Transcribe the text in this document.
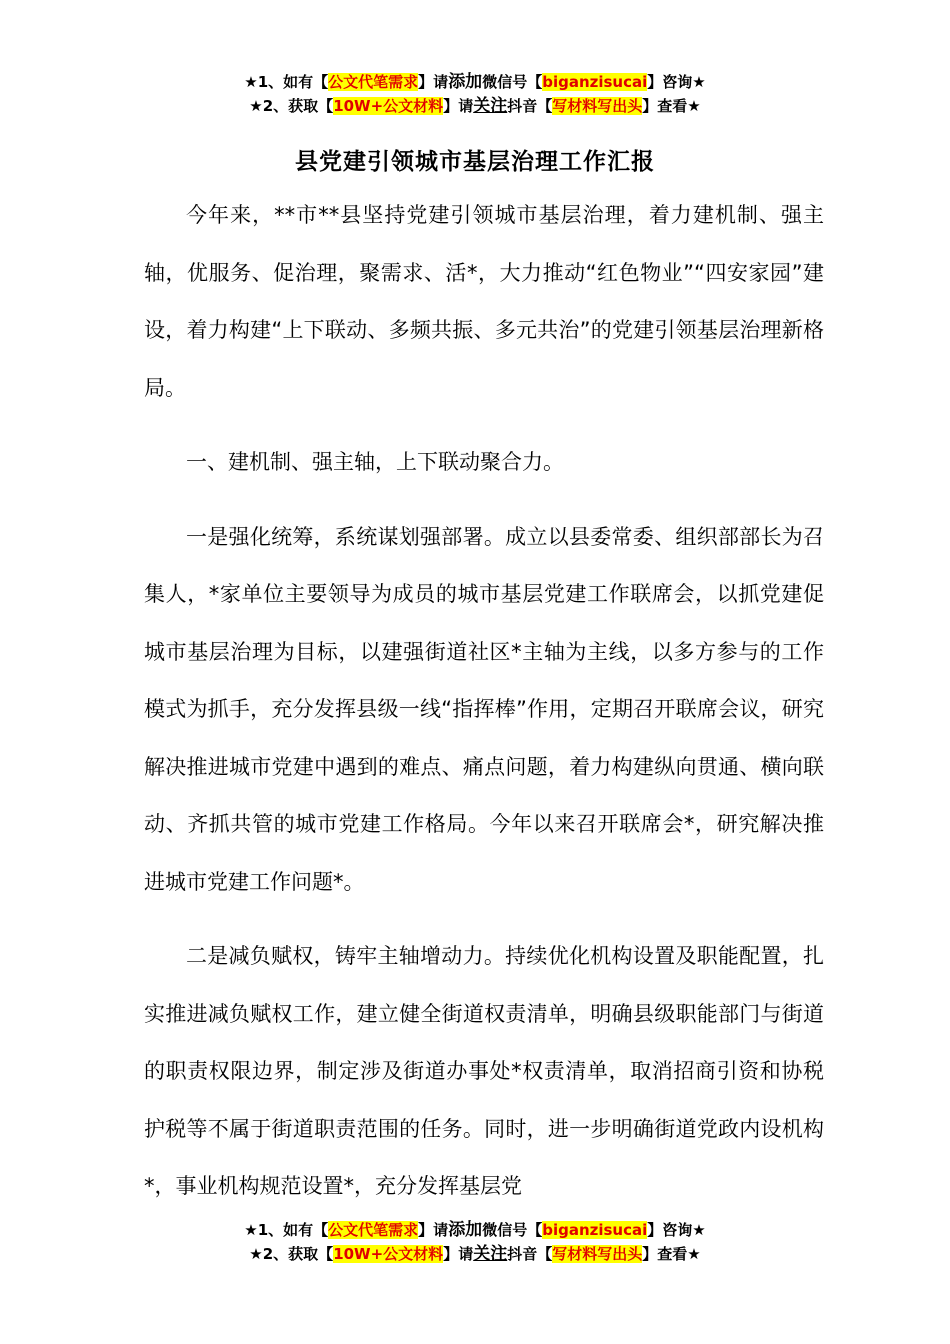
★1、如有【公文代笔需求】请添加微信号【biganzisucai】咨询★
★2、获取【10W+公文材料】请关注抖音【写材料写出头】查看★
县党建引领城市基层治理工作汇报

今年来，**市**县坚持党建引领城市基层治理，着力建机制、强主轴，优服务、促治理，聚需求、活*，大力推动“红色物业”“四安家园”建设，着力构建“上下联动、多频共振、多元共治”的党建引领基层治理新格局。

一、建机制、强主轴，上下联动聚合力。

一是强化统筹，系统谋划强部署。成立以县委常委、组织部部长为召集人，*家单位主要领导为成员的城市基层党建工作联席会，以抓党建促城市基层治理为目标，以建强街道社区*主轴为主线，以多方参与的工作模式为抓手，充分发挥县级一线“指挥棒”作用，定期召开联席会议，研究解决推进城市党建中遇到的难点、痛点问题，着力构建纵向贯通、横向联动、齐抓共管的城市党建工作格局。今年以来召开联席会*，研究解决推进城市党建工作问题*。

二是减负赋权，铸牢主轴增动力。持续优化机构设置及职能配置，扎实推进减负赋权工作，建立健全街道权责清单，明确县级职能部门与街道的职责权限边界，制定涉及街道办事处*权责清单，取消招商引资和协税护税等不属于街道职责范围的任务。同时，进一步明确街道党政内设机构*，事业机构规范设置*，充分发挥基层党

★1、如有【公文代笔需求】请添加微信号【biganzisucai】咨询★
★2、获取【10W+公文材料】请关注抖音【写材料写出头】查看★
